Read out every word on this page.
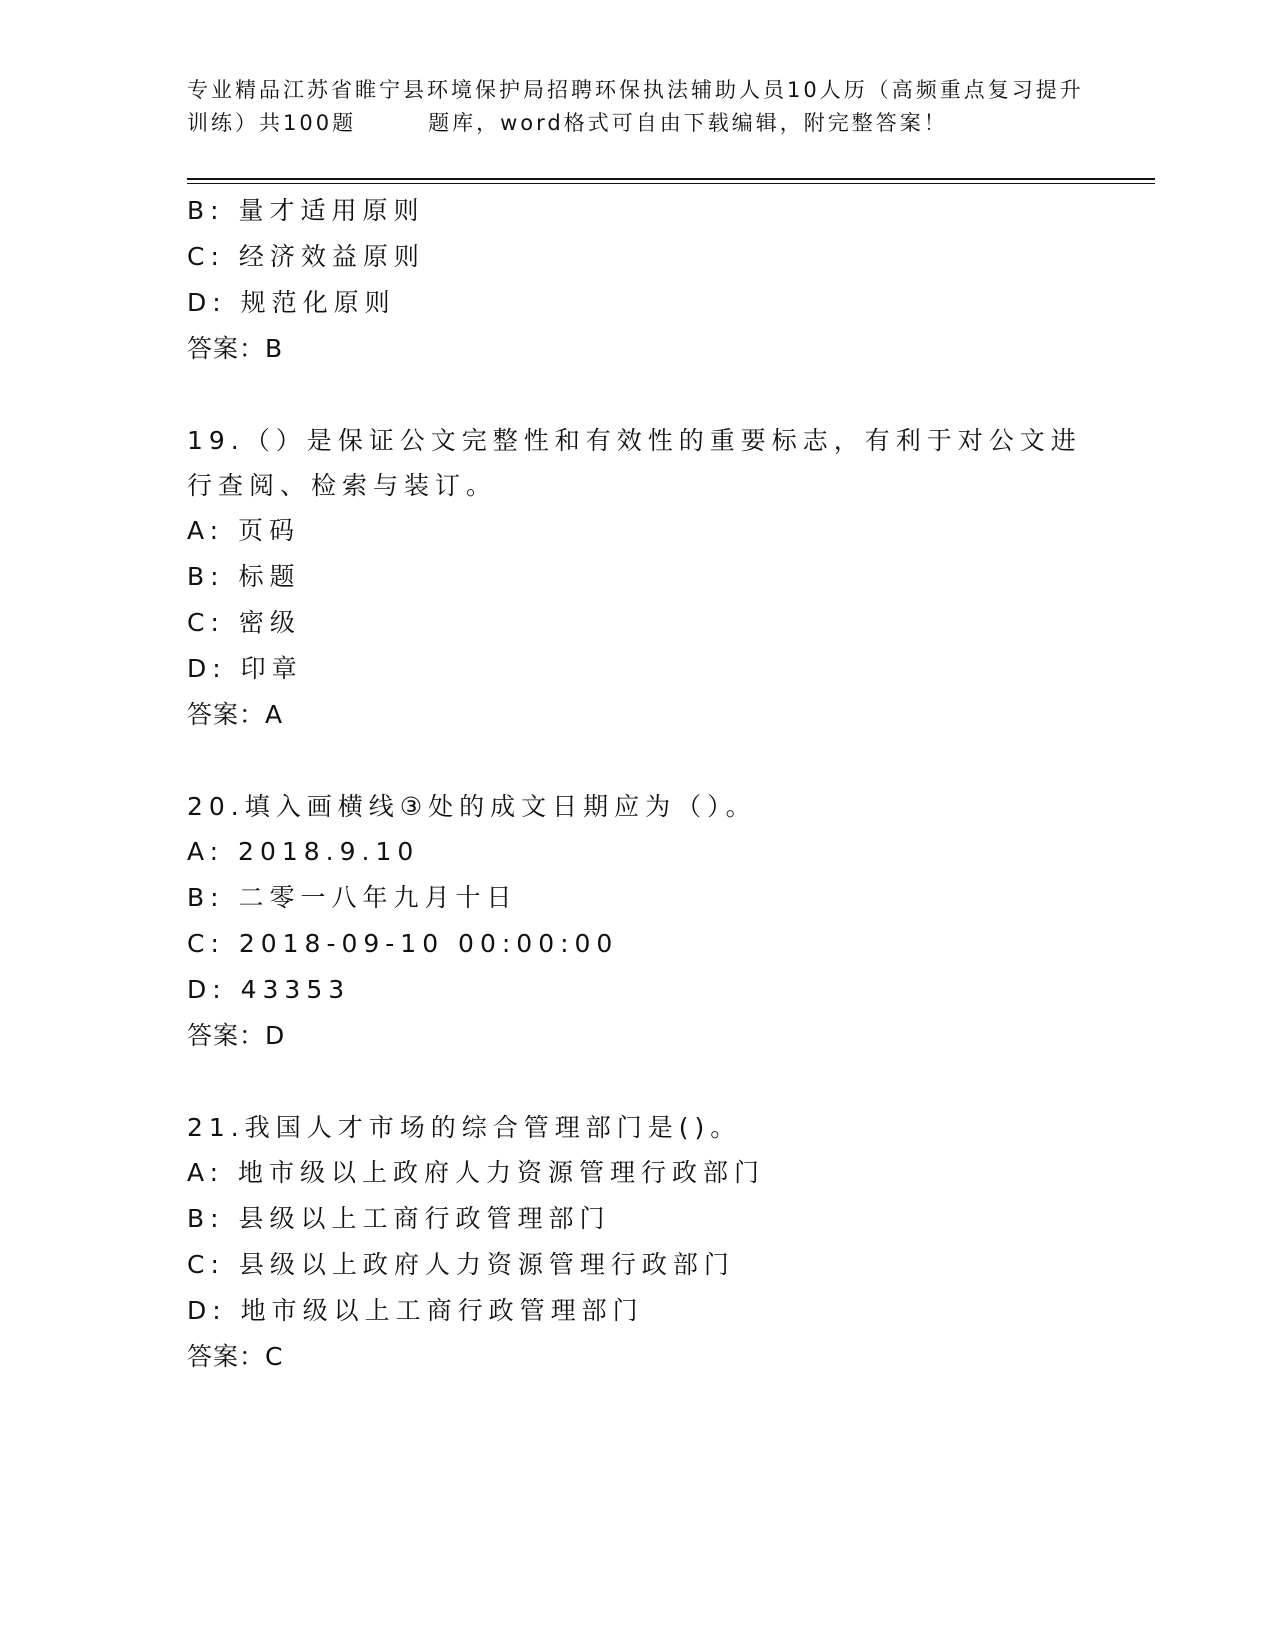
专业精品江苏省睢宁县环境保护局招聘环保执法辅助人员10人历（高频重点复习提升训练）共100题　　　题库，word格式可自由下载编辑，附完整答案！
B: 量才适用原则
C: 经济效益原则
D: 规范化原则
答案：B
19.（）是保证公文完整性和有效性的重要标志，有利于对公文进行查阅、检索与装订。
A: 页码
B: 标题
C: 密级
D: 印章
答案：A
20.填入画横线③处的成文日期应为（）。
A: 2018.9.10
B: 二零一八年九月十日
C: 2018-09-10 00:00:00
D: 43353
答案：D
21.我国人才市场的综合管理部门是()。
A: 地市级以上政府人力资源管理行政部门
B: 县级以上工商行政管理部门
C: 县级以上政府人力资源管理行政部门
D: 地市级以上工商行政管理部门
答案：C
